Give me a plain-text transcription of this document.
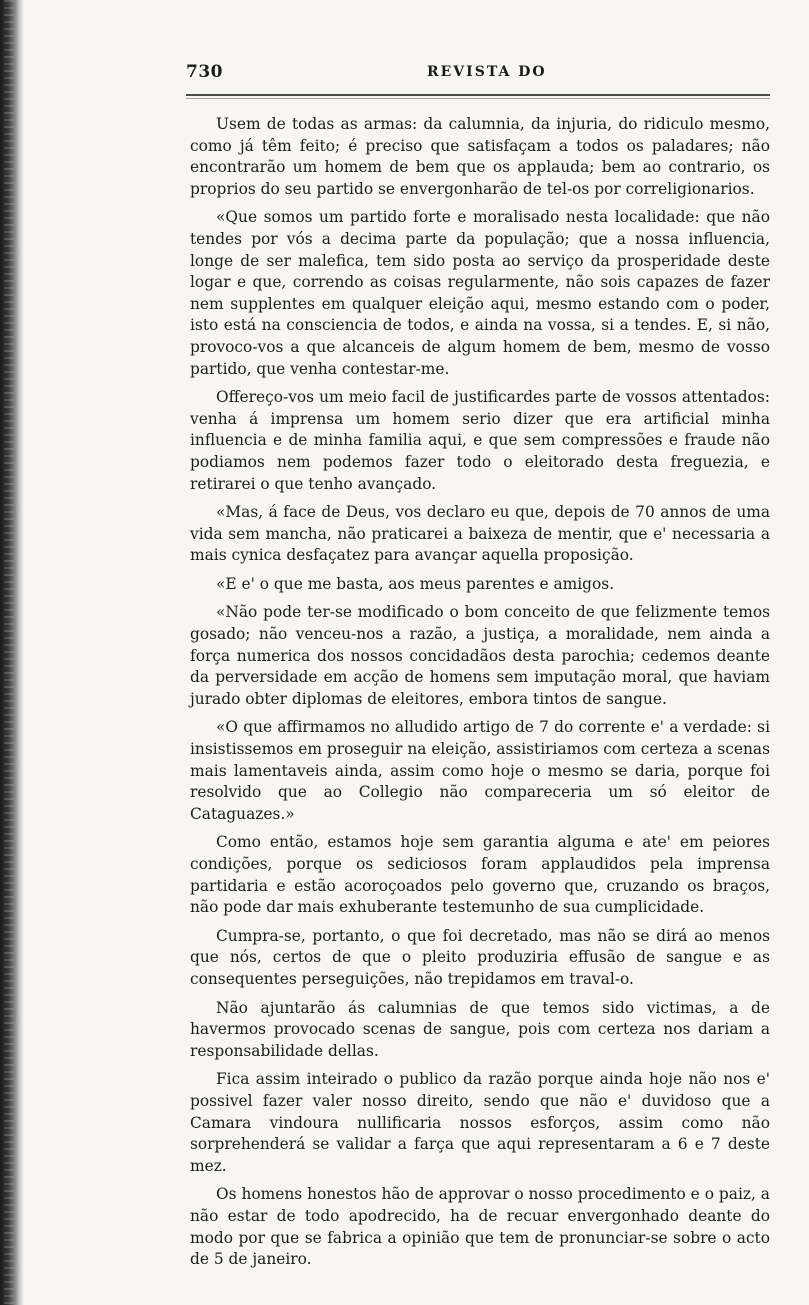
730	REVISTA DO

Usem de todas as armas: da calumnia, da injuria, do ridiculo mesmo, como já têm feito; é preciso que satisfaçam a todos os paladares; não encontrarão um homem de bem que os applauda; bem ao contrario, os proprios do seu partido se envergonharão de tel-os por correligionarios.

«Que somos um partido forte e moralisado nesta localidade: que não tendes por vós a decima parte da população; que a nossa influencia, longe de ser malefica, tem sido posta ao serviço da prosperidade deste logar e que, correndo as coisas regularmente, não sois capazes de fazer nem supplentes em qualquer eleição aqui, mesmo estando com o poder, isto está na consciencia de todos, e ainda na vossa, si a tendes. E, si não, provoco-vos a que alcanceis de algum homem de bem, mesmo de vosso partido, que venha contestar-me.

Offereço-vos um meio facil de justificardes parte de vossos attentados: venha á imprensa um homem serio dizer que era artificial minha influencia e de minha familia aqui, e que sem compressões e fraude não podiamos nem podemos fazer todo o eleitorado desta freguezia, e retirarei o que tenho avançado.

«Mas, á face de Deus, vos declaro eu que, depois de 70 annos de uma vida sem mancha, não praticarei a baixeza de mentir, que e' necessaria a mais cynica desfaçatez para avançar aquella proposição.

«E e' o que me basta, aos meus parentes e amigos.

«Não pode ter-se modificado o bom conceito de que felizmente temos gosado; não venceu-nos a razão, a justiça, a moralidade, nem ainda a força numerica dos nossos concidadãos desta parochia; cedemos deante da perversidade em acção de homens sem imputação moral, que haviam jurado obter diplomas de eleitores, embora tintos de sangue.

«O que affirmamos no alludido artigo de 7 do corrente e' a verdade: si insistissemos em proseguir na eleição, assistiriamos com certeza a scenas mais lamentaveis ainda, assim como hoje o mesmo se daria, porque foi resolvido que ao Collegio não compareceria um só eleitor de Cataguazes.»

Como então, estamos hoje sem garantia alguma e ate' em peiores condições, porque os sediciosos foram applaudidos pela imprensa partidaria e estão acoroçoados pelo governo que, cruzando os braços, não pode dar mais exhuberante testemunho de sua cumplicidade.

Cumpra-se, portanto, o que foi decretado, mas não se dirá ao menos que nós, certos de que o pleito produziria effusão de sangue e as consequentes perseguições, não trepidamos em traval-o.

Não ajuntarão ás calumnias de que temos sido victimas, a de havermos provocado scenas de sangue, pois com certeza nos dariam a responsabilidade dellas.

Fica assim inteirado o publico da razão porque ainda hoje não nos e' possivel fazer valer nosso direito, sendo que não e' duvidoso que a Camara vindoura nullificaria nossos esforços, assim como não sorprehenderá se validar a farça que aqui representaram a 6 e 7 deste mez.

Os homens honestos hão de approvar o nosso procedimento e o paiz, a não estar de todo apodrecido, ha de recuar envergonhado deante do modo por que se fabrica a opinião que tem de pronunciar-se sobre o acto de 5 de janeiro.
